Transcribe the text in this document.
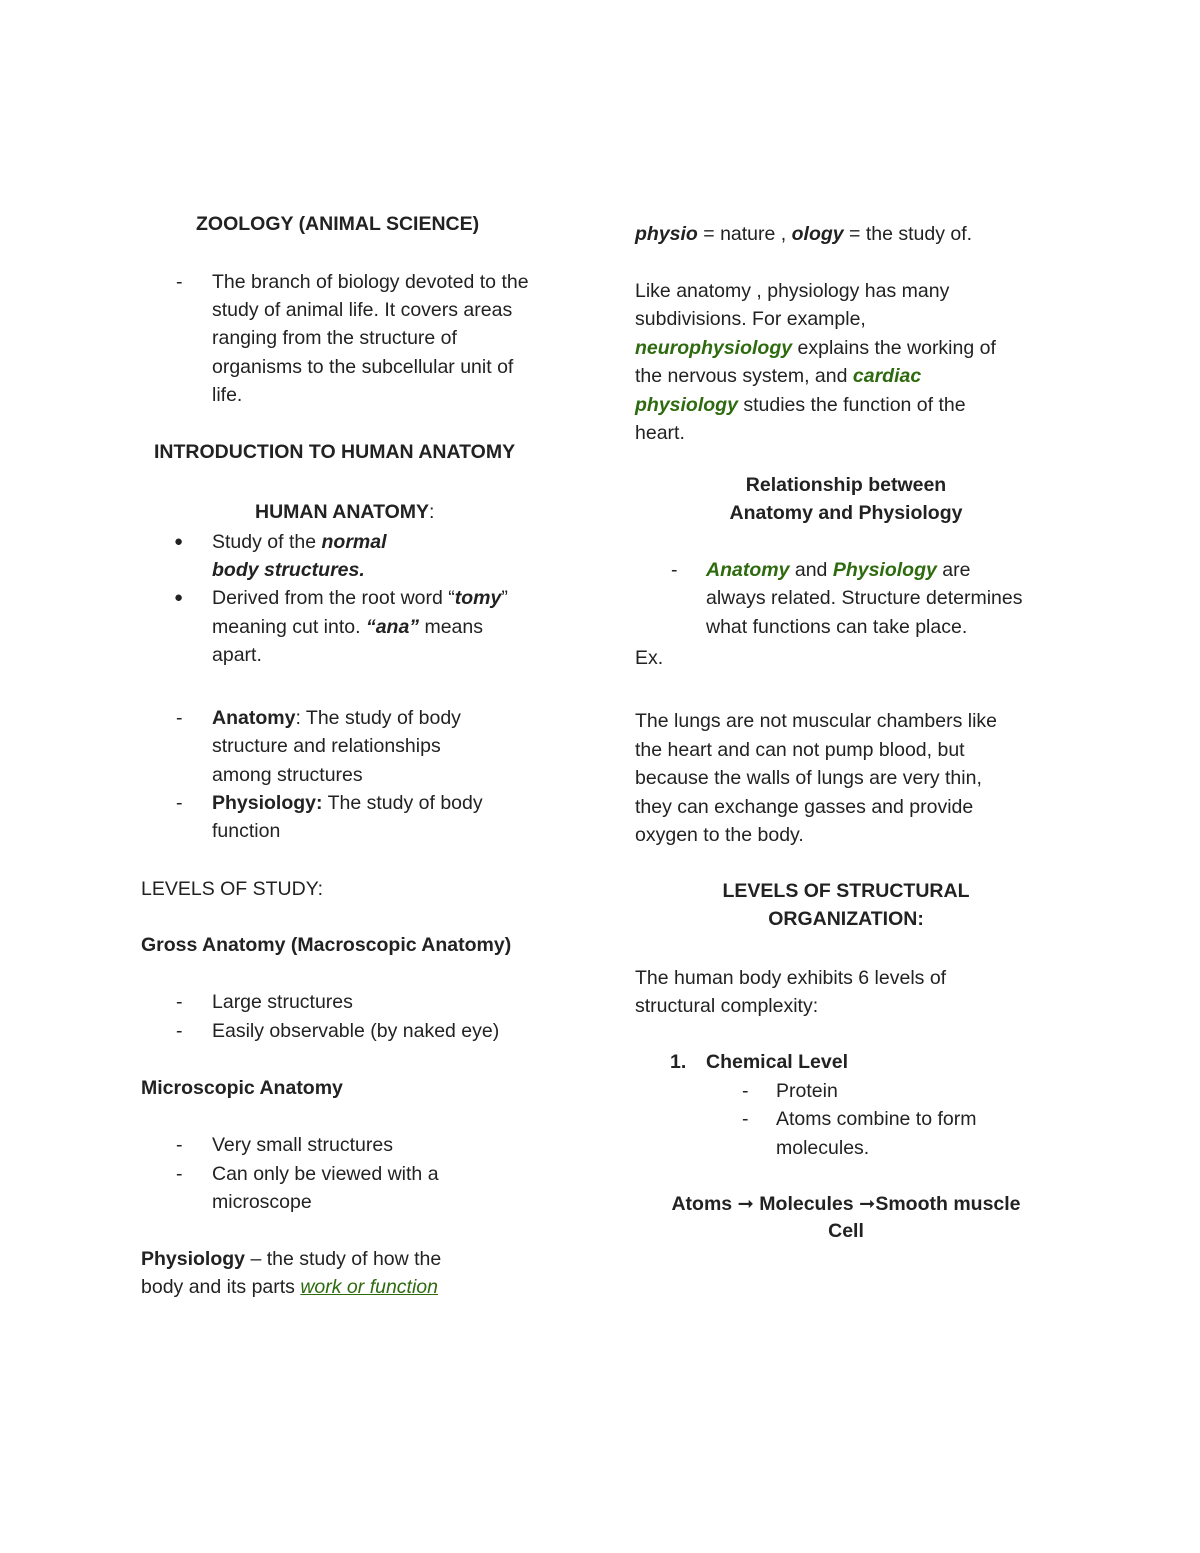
ZOOLOGY (ANIMAL SCIENCE)
- The branch of biology devoted to the
study of animal life. It covers areas
ranging from the structure of
organisms to the subcellular unit of
life.
INTRODUCTION TO HUMAN ANATOMY
HUMAN ANATOMY:
● Study of the normal
body structures.
● Derived from the root word “tomy”
meaning cut into. “ana” means
apart.
- Anatomy: The study of body
structure and relationships
among structures
- Physiology: The study of body
function
LEVELS OF STUDY:
Gross Anatomy (Macroscopic Anatomy)
- Large structures
- Easily observable (by naked eye)
Microscopic Anatomy
- Very small structures
- Can only be viewed with a
microscope
Physiology – the study of how the
body and its parts work or function
physio = nature , ology = the study of.
Like anatomy , physiology has many
subdivisions. For example,
neurophysiology explains the working of
the nervous system, and cardiac
physiology studies the function of the
heart.
Relationship between
Anatomy and Physiology
- Anatomy and Physiology are
always related. Structure determines
what functions can take place.
Ex.
The lungs are not muscular chambers like
the heart and can not pump blood, but
because the walls of lungs are very thin,
they can exchange gasses and provide
oxygen to the body.
LEVELS OF STRUCTURAL
ORGANIZATION:
The human body exhibits 6 levels of
structural complexity:
1. Chemical Level
- Protein
- Atoms combine to form
molecules.
Atoms ➞ Molecules ➞Smooth muscle
Cell
